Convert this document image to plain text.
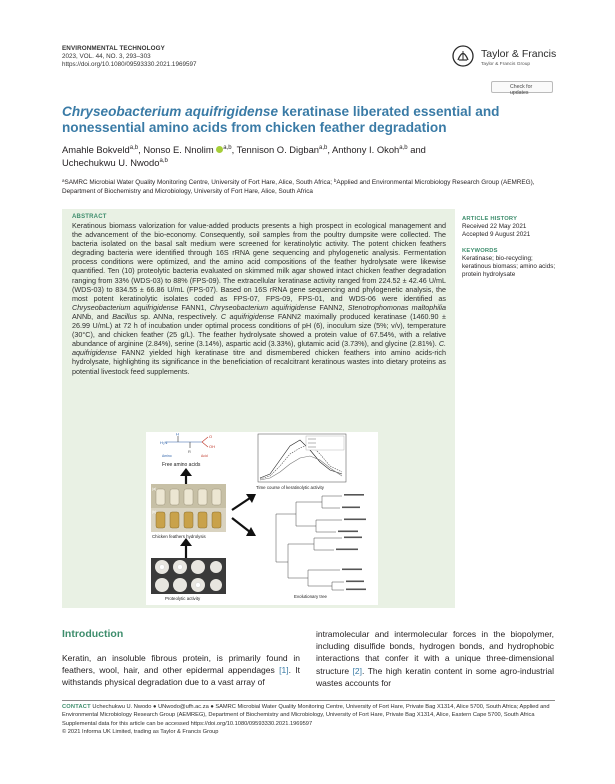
ENVIRONMENTAL TECHNOLOGY
2023, VOL. 44, NO. 3, 293–303
https://doi.org/10.1080/09593330.2021.1969597
Taylor & Francis
Taylor & Francis Group
Check for updates
Chryseobacterium aquifrigidense keratinase liberated essential and nonessential amino acids from chicken feather degradation
Amahle Bokveld$^{a,b}$, Nonso E. Nnolim $^{a,b}$, Tennison O. Digban$^{a,b}$, Anthony I. Okoh$^{a,b}$ and
Uchechukwu U. Nwodo$^{a,b}$
$^a$SAMRC Microbial Water Quality Monitoring Centre, University of Fort Hare, Alice, South Africa; $^b$Applied and Environmental Microbiology Research Group (AEMREG), Department of Biochemistry and Microbiology, University of Fort Hare, Alice, South Africa
ABSTRACT
Keratinous biomass valorization for value-added products presents a high prospect in ecological management and the advancement of the bio-economy. Consequently, soil samples from the poultry dumpsite were collected. The bacteria isolated on the basal salt medium were screened for keratinolytic activity. The potent chicken feathers degrading bacteria were identified through 16S rRNA gene sequencing and phylogenetic analysis. Fermentation process conditions were optimized, and the amino acid compositions of the feather hydrolysate were likewise quantified. Ten (10) proteolytic bacteria evaluated on skimmed milk agar showed intact chicken feather degradation ranging from 33% (WDS-03) to 88% (FPS-09). The extracellular keratinase activity ranged from 224.52 ± 42.46 U/mL (WDS-03) to 834.55 ± 66.86 U/mL (FPS-07). Based on 16S rRNA gene sequencing and phylogenetic analysis, the most potent keratinolytic isolates coded as FPS-07, FPS-09, FPS-01, and WDS-06 were identified as Chryseobacterium aquifrigidense FANN1, Chryseobacterium aquifrigidense FANN2, Stenotrophomonas maltophilia ANNb, and Bacillus sp. ANNa, respectively. C aquifrigidense FANN2 maximally produced keratinase (1460.90 ± 26.99 U/mL) at 72 h of incubation under optimal process conditions of pH (6), inoculum size (5%; v/v), temperature (30°C), and chicken feather (25 g/L). The feather hydrolysate showed a protein value of 67.54%, with a relative abundance of arginine (2.84%), serine (3.14%), aspartic acid (3.33%), glutamic acid (3.73%), and glycine (2.81%). C. aquifrigidense FANN2 yielded high keratinase titre and dismembered chicken feathers into amino acids-rich hydrolysate, highlighting its significance in the beneficiation of recalcitrant keratinous wastes into dietary proteins as potential livestock feed supplements.
H
H₂N
O
OH
R
Amino	Acid
(a)
(b)
Free amino acids
Time course of keratinolytic activity
Chicken feathers hydrolysis
Proteolytic activity	Evolutionary tree
ARTICLE HISTORY
Received 22 May 2021
Accepted 9 August 2021
KEYWORDS
Keratinase; bio-recycling; keratinous biomass; amino acids; protein hydrolysate
Introduction
Keratin, an insoluble fibrous protein, is primarily found in feathers, wool, hair, and other epidermal appendages [1]. It withstands physical degradation due to a vast array of
intramolecular and intermolecular forces in the biopolymer, including disulfide bonds, hydrogen bonds, and hydrophobic interactions that confer it with a unique three-dimensional structure [2]. The high keratin content in some agro-industrial wastes accounts for
CONTACT Uchechukwu U. Nwodo ● UNwodo@ufh.ac.za ● SAMRC Microbial Water Quality Monitoring Centre, University of Fort Hare, Private Bag X1314, Alice 5700, South Africa; Applied and Environmental Microbiology Research Group (AEMREG), Department of Biochemistry and Microbiology, University of Fort Hare, Private Bag X1314, Alice, Eastern Cape 5700, South Africa
Supplemental data for this article can be accessed https://doi.org/10.1080/09593330.2021.1969597
© 2021 Informa UK Limited, trading as Taylor & Francis Group
